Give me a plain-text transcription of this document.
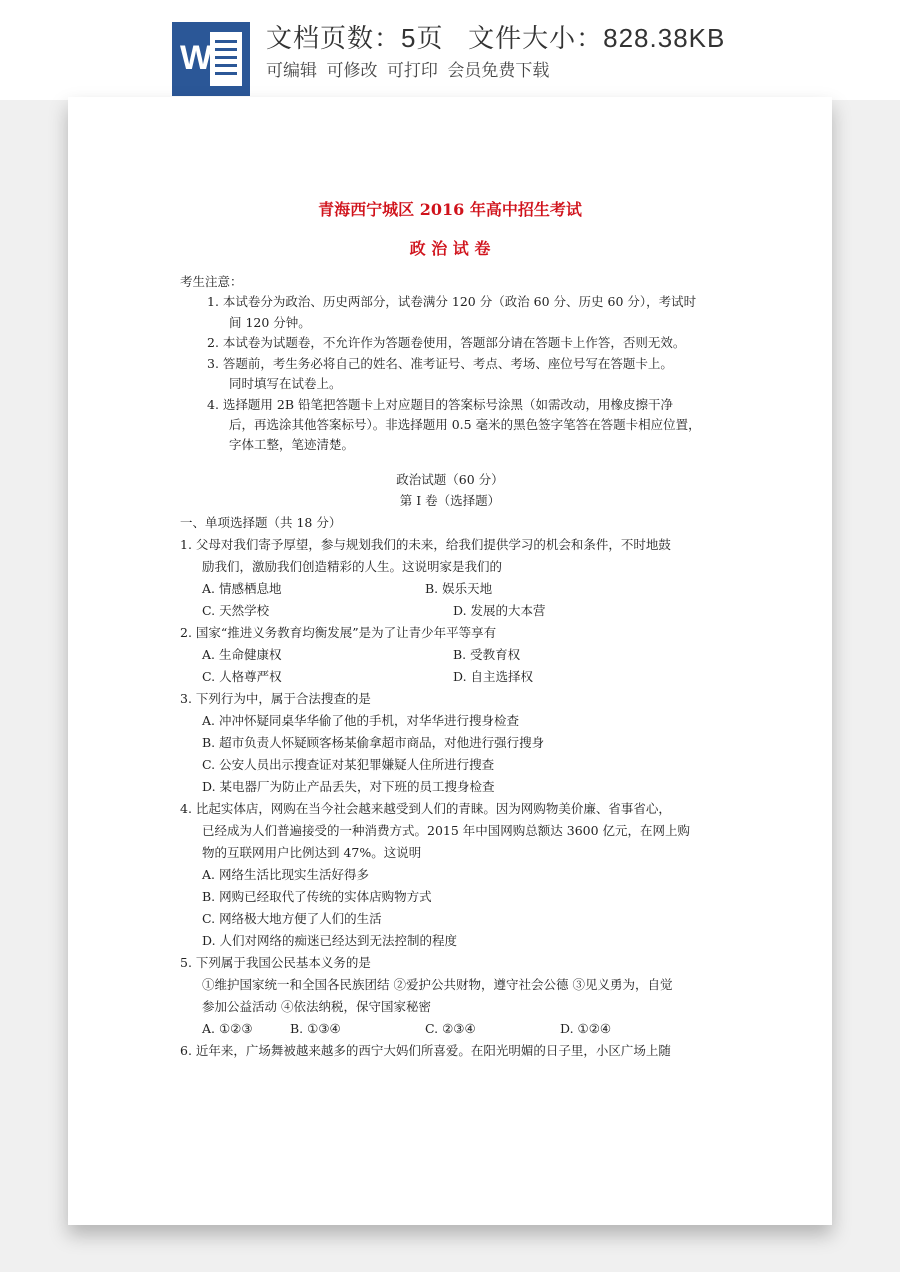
W
文档页数：5页   文件大小：828.38KB
可编辑  可修改  可打印  会员免费下载
青海西宁城区 2016 年高中招生考试
政 治 试 卷
考生注意：
1. 本试卷分为政治、历史两部分，试卷满分 120 分（政治 60 分、历史 60 分），考试时
间 120 分钟。
2. 本试卷为试题卷，不允许作为答题卷使用，答题部分请在答题卡上作答，否则无效。
3. 答题前，考生务必将自己的姓名、准考证号、考点、考场、座位号写在答题卡上。
同时填写在试卷上。
4. 选择题用 2B 铅笔把答题卡上对应题目的答案标号涂黑（如需改动，用橡皮擦干净
后，再选涂其他答案标号）。非选择题用 0.5 毫米的黑色签字笔答在答题卡相应位置，
字体工整，笔迹清楚。
政治试题（60 分）
第 I 卷（选择题）
一、单项选择题（共 18 分）
1. 父母对我们寄予厚望，参与规划我们的未来，给我们提供学习的机会和条件，不时地鼓
励我们，激励我们创造精彩的人生。这说明家是我们的
A. 情感栖息地	B. 娱乐天地
C. 天然学校	D. 发展的大本营
2. 国家“推进义务教育均衡发展”是为了让青少年平等享有
A. 生命健康权	B. 受教育权
C. 人格尊严权	D. 自主选择权
3. 下列行为中，属于合法搜查的是
A. 冲冲怀疑同桌华华偷了他的手机，对华华进行搜身检查
B. 超市负责人怀疑顾客杨某偷拿超市商品，对他进行强行搜身
C. 公安人员出示搜查证对某犯罪嫌疑人住所进行搜查
D. 某电器厂为防止产品丢失，对下班的员工搜身检查
4. 比起实体店，网购在当今社会越来越受到人们的青睐。因为网购物美价廉、省事省心，
已经成为人们普遍接受的一种消费方式。2015 年中国网购总额达 3600 亿元，在网上购
物的互联网用户比例达到 47%。这说明
A. 网络生活比现实生活好得多
B. 网购已经取代了传统的实体店购物方式
C. 网络极大地方便了人们的生活
D. 人们对网络的痴迷已经达到无法控制的程度
5. 下列属于我国公民基本义务的是
①维护国家统一和全国各民族团结 ②爱护公共财物，遵守社会公德 ③见义勇为，自觉
参加公益活动 ④依法纳税，保守国家秘密
A. ①②③	B. ①③④	C. ②③④	D. ①②④
6. 近年来，广场舞被越来越多的西宁大妈们所喜爱。在阳光明媚的日子里，小区广场上随
